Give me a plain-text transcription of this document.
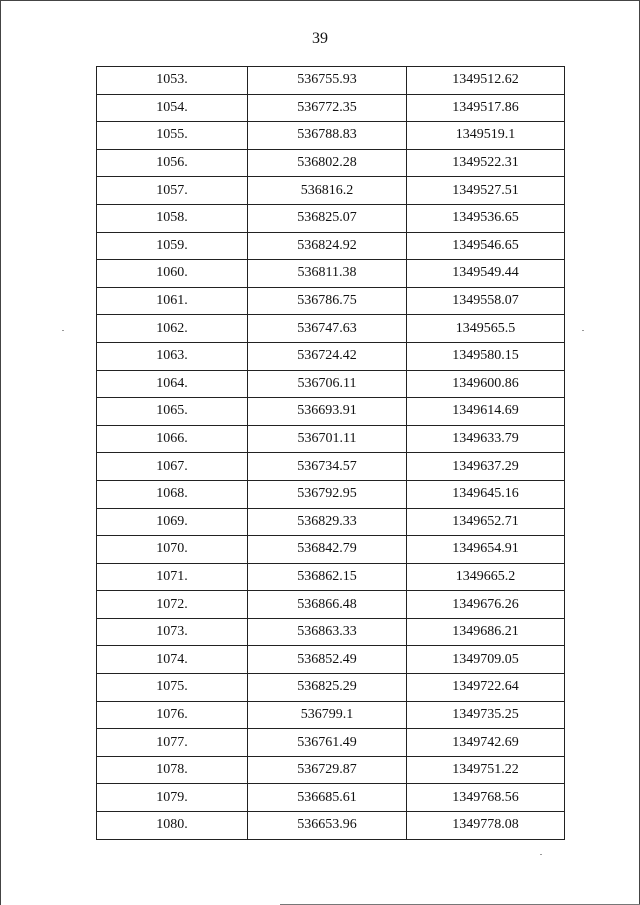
39
1053.	536755.93	1349512.62
1054.	536772.35	1349517.86
1055.	536788.83	1349519.1
1056.	536802.28	1349522.31
1057.	536816.2	1349527.51
1058.	536825.07	1349536.65
1059.	536824.92	1349546.65
1060.	536811.38	1349549.44
1061.	536786.75	1349558.07
1062.	536747.63	1349565.5
1063.	536724.42	1349580.15
1064.	536706.11	1349600.86
1065.	536693.91	1349614.69
1066.	536701.11	1349633.79
1067.	536734.57	1349637.29
1068.	536792.95	1349645.16
1069.	536829.33	1349652.71
1070.	536842.79	1349654.91
1071.	536862.15	1349665.2
1072.	536866.48	1349676.26
1073.	536863.33	1349686.21
1074.	536852.49	1349709.05
1075.	536825.29	1349722.64
1076.	536799.1	1349735.25
1077.	536761.49	1349742.69
1078.	536729.87	1349751.22
1079.	536685.61	1349768.56
1080.	536653.96	1349778.08
